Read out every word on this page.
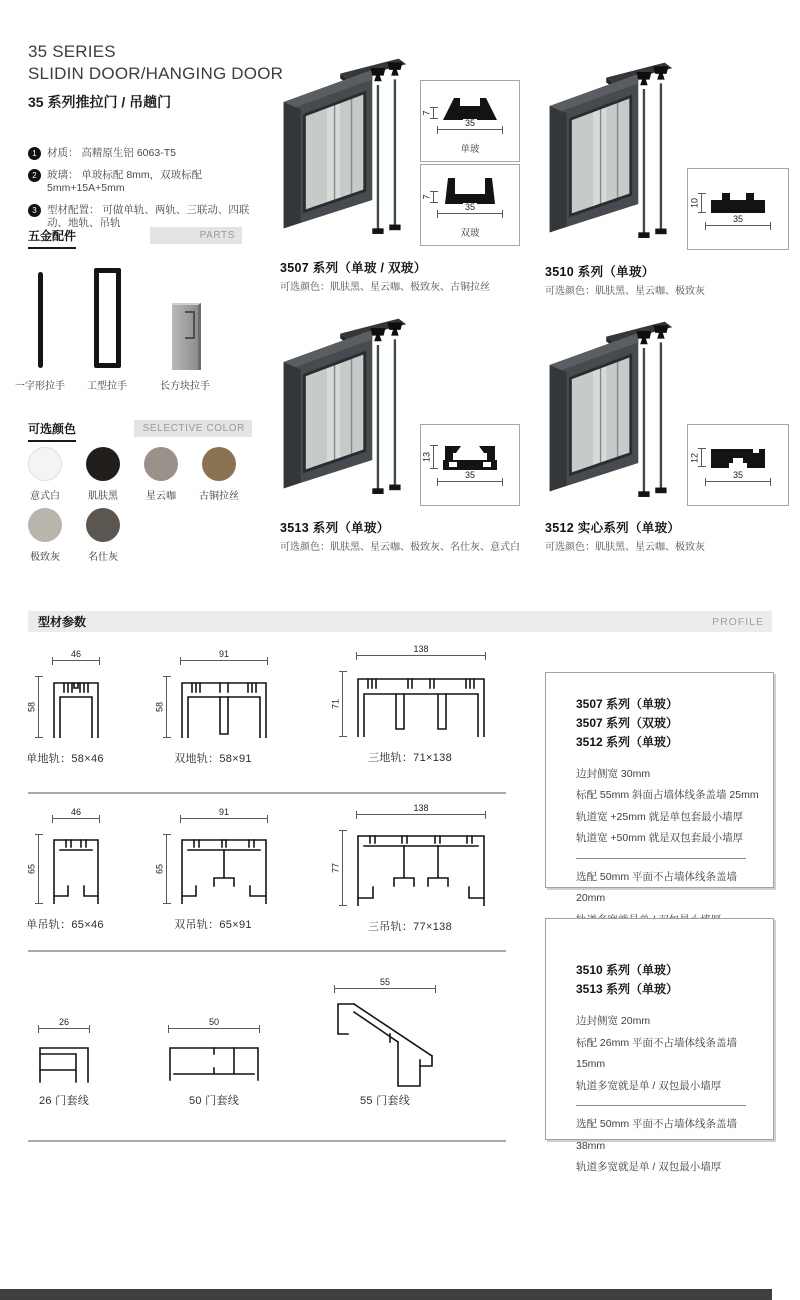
35 SERIES
SLIDIN DOOR/HANGING DOOR
35 系列推拉门 / 吊趟门
1 材质： 高精原生铝 6063-T5
2 玻璃： 单玻标配 8mm，双玻标配 5mm+15A+5mm
3 型材配置： 可做单轨、两轨、三联动、四联动、地轨、吊轨
五金配件	PARTS
一字形拉手	工型拉手	长方块拉手
可选颜色	SELECTIVE COLOR
意式白	肌肤黑	星云咖	古铜拉丝
极致灰	名仕灰
7
35
单玻
7
35
双玻
3507 系列（单玻 / 双玻）
可选颜色：肌肤黑、星云咖、极致灰、古铜拉丝
10
35
3510 系列（单玻）
可选颜色：肌肤黑、星云咖、极致灰
13
35
3513 系列（单玻）
可选颜色：肌肤黑、星云咖、极致灰、名仕灰、意式白
12
35
3512 实心系列（单玻）
可选颜色：肌肤黑、星云咖、极致灰
型材参数	PROFILE
46
58
单地轨：58×46
91
58
双地轨：58×91
138
71
三地轨：71×138
46
65
单吊轨：65×46
91
65
双吊轨：65×91
138
77
三吊轨：77×138
26
26 门套线
50
50 门套线
55
55 门套线
3507 系列（单玻）
3507 系列（双玻）
3512 系列（单玻）
边封侧宽 30mm
标配 55mm 斜面占墙体线条盖墙 25mm
轨道宽 +25mm 就是单包套最小墙厚
轨道宽 +50mm 就是双包套最小墙厚
选配 50mm 平面不占墙体线条盖墙 20mm
3510 系列（单玻）
3513 系列（单玻）
边封侧宽 20mm
标配 26mm 平面不占墙体线条盖墙 15mm
轨道多宽就是单 / 双包最小墙厚
选配 50mm 平面不占墙体线条盖墙 38mm
轨道多宽就是单 / 双包最小墙厚
